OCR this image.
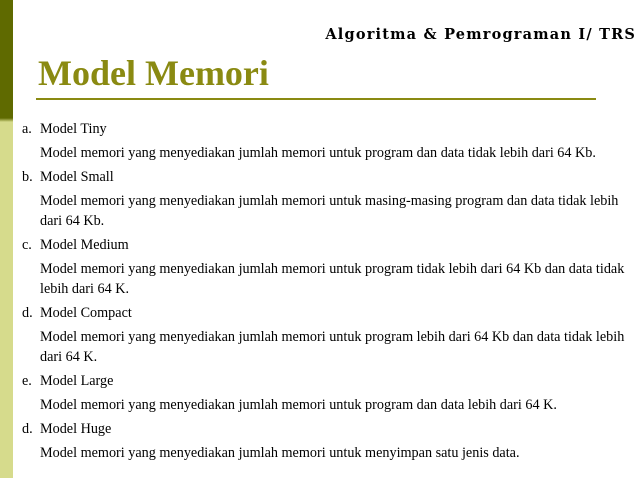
Algoritma & Pemrograman I/ TRS
Model Memori
a. Model Tiny
Model memori yang menyediakan jumlah memori untuk program dan data tidak lebih dari 64 Kb.
b. Model Small
Model memori yang menyediakan jumlah memori untuk masing-masing program dan data tidak lebih dari 64 Kb.
c. Model Medium
Model memori yang menyediakan jumlah memori untuk program tidak lebih dari 64 Kb dan data tidak lebih dari 64 K.
d. Model Compact
Model memori yang menyediakan jumlah memori untuk program lebih dari 64 Kb dan data tidak lebih dari 64 K.
e. Model Large
Model memori yang menyediakan jumlah memori untuk program dan data lebih dari 64 K.
d. Model Huge
Model memori yang menyediakan jumlah memori untuk menyimpan satu jenis data.
